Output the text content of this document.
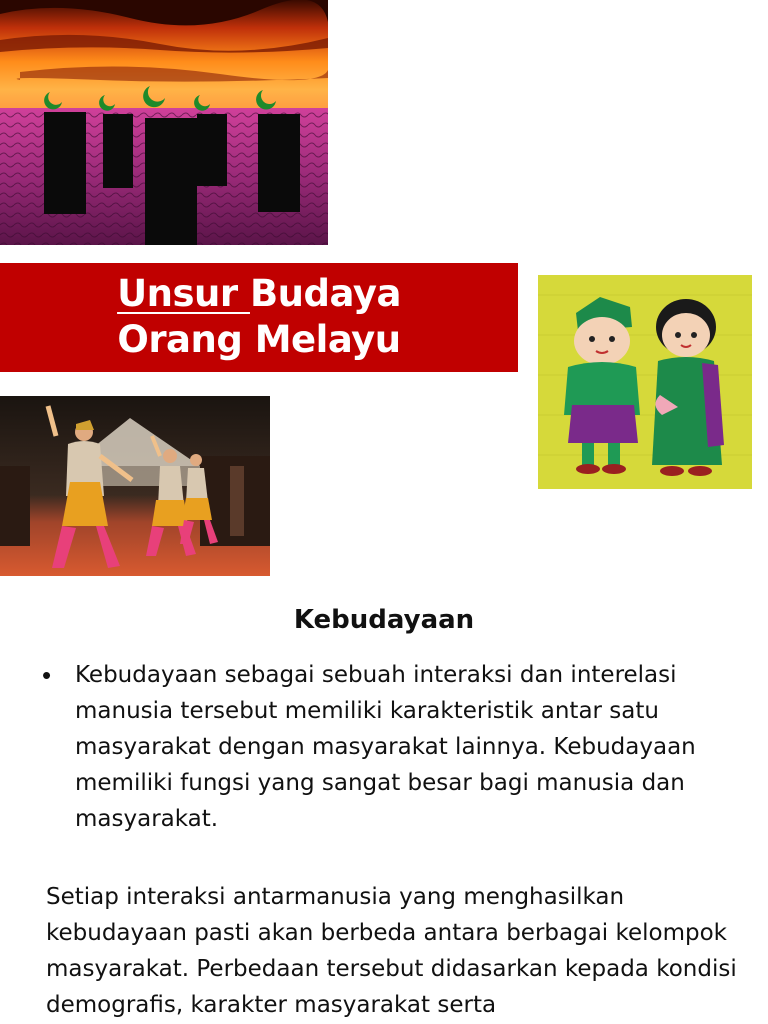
Unsur Budaya
Orang Melayu
Kebudayaan
• Kebudayaan sebagai sebuah interaksi dan interelasi manusia tersebut memiliki karakteristik antar satu masyarakat dengan masyarakat lainnya. Kebudayaan memiliki fungsi yang sangat besar bagi manusia dan masyarakat.
Setiap interaksi antarmanusia yang menghasilkan kebudayaan pasti akan berbeda antara berbagai kelompok masyarakat. Perbedaan tersebut didasarkan kepada kondisi demografis, karakter masyarakat serta
